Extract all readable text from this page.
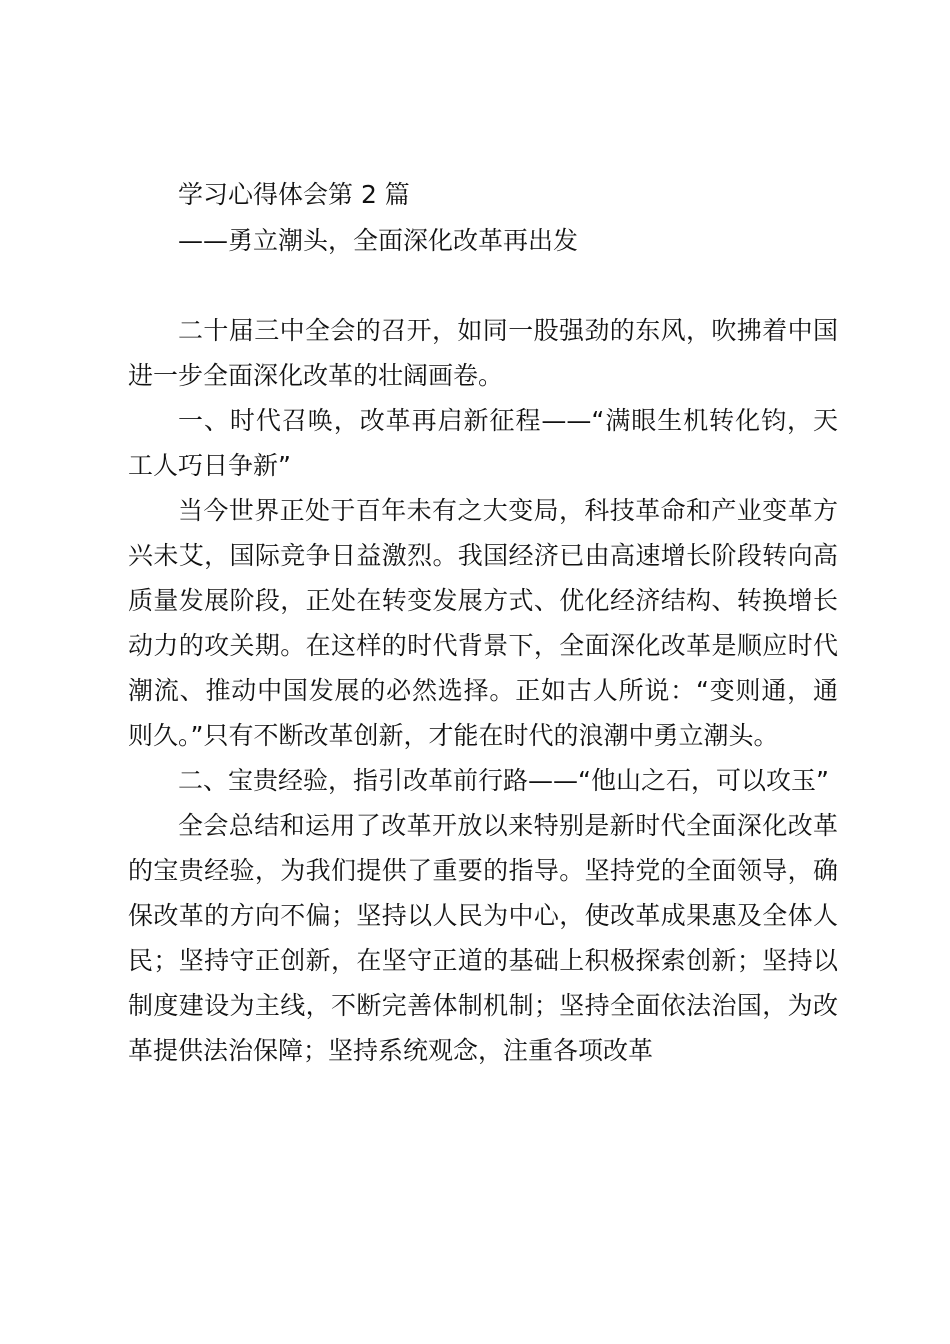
学习心得体会第 2 篇
——勇立潮头，全面深化改革再出发

二十届三中全会的召开，如同一股强劲的东风，吹拂着中国进一步全面深化改革的壮阔画卷。

一、时代召唤，改革再启新征程——“满眼生机转化钧，天工人巧日争新”

当今世界正处于百年未有之大变局，科技革命和产业变革方兴未艾，国际竞争日益激烈。我国经济已由高速增长阶段转向高质量发展阶段，正处在转变发展方式、优化经济结构、转换增长动力的攻关期。在这样的时代背景下，全面深化改革是顺应时代潮流、推动中国发展的必然选择。正如古人所说：“变则通，通则久。”只有不断改革创新，才能在时代的浪潮中勇立潮头。

二、宝贵经验，指引改革前行路——“他山之石，可以攻玉”

全会总结和运用了改革开放以来特别是新时代全面深化改革的宝贵经验，为我们提供了重要的指导。坚持党的全面领导，确保改革的方向不偏；坚持以人民为中心，使改革成果惠及全体人民；坚持守正创新，在坚守正道的基础上积极探索创新；坚持以制度建设为主线，不断完善体制机制；坚持全面依法治国，为改革提供法治保障；坚持系统观念，注重各项改革
